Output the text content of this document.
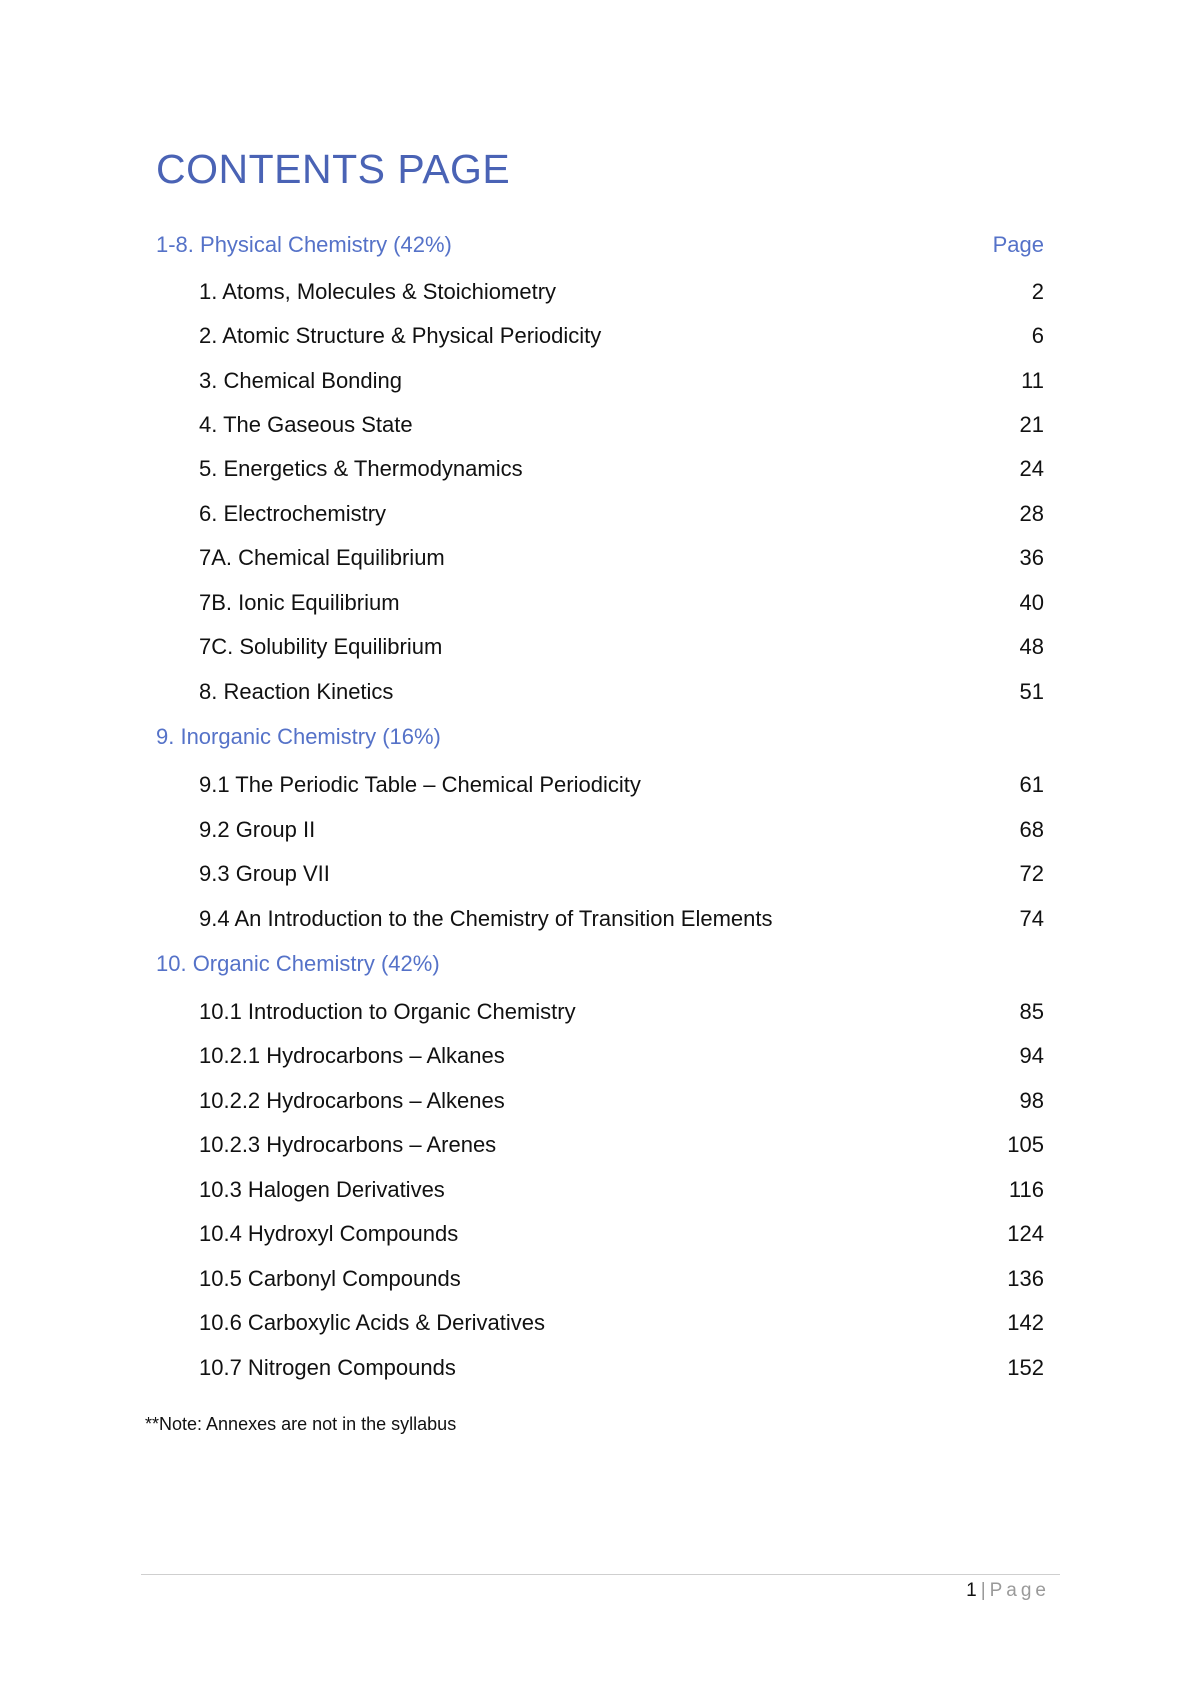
CONTENTS PAGE
1-8. Physical Chemistry (42%)	Page
1. Atoms, Molecules & Stoichiometry	2
2. Atomic Structure & Physical Periodicity	6
3. Chemical Bonding	11
4. The Gaseous State	21
5. Energetics & Thermodynamics	24
6. Electrochemistry	28
7A. Chemical Equilibrium	36
7B. Ionic Equilibrium	40
7C. Solubility Equilibrium	48
8. Reaction Kinetics	51
9. Inorganic Chemistry (16%)
9.1 The Periodic Table – Chemical Periodicity	61
9.2 Group II	68
9.3 Group VII	72
9.4 An Introduction to the Chemistry of Transition Elements	74
10. Organic Chemistry (42%)
10.1 Introduction to Organic Chemistry	85
10.2.1 Hydrocarbons – Alkanes	94
10.2.2 Hydrocarbons – Alkenes	98
10.2.3 Hydrocarbons – Arenes	105
10.3 Halogen Derivatives	116
10.4 Hydroxyl Compounds	124
10.5 Carbonyl Compounds	136
10.6 Carboxylic Acids & Derivatives	142
10.7 Nitrogen Compounds	152
**Note: Annexes are not in the syllabus
1 | Page
